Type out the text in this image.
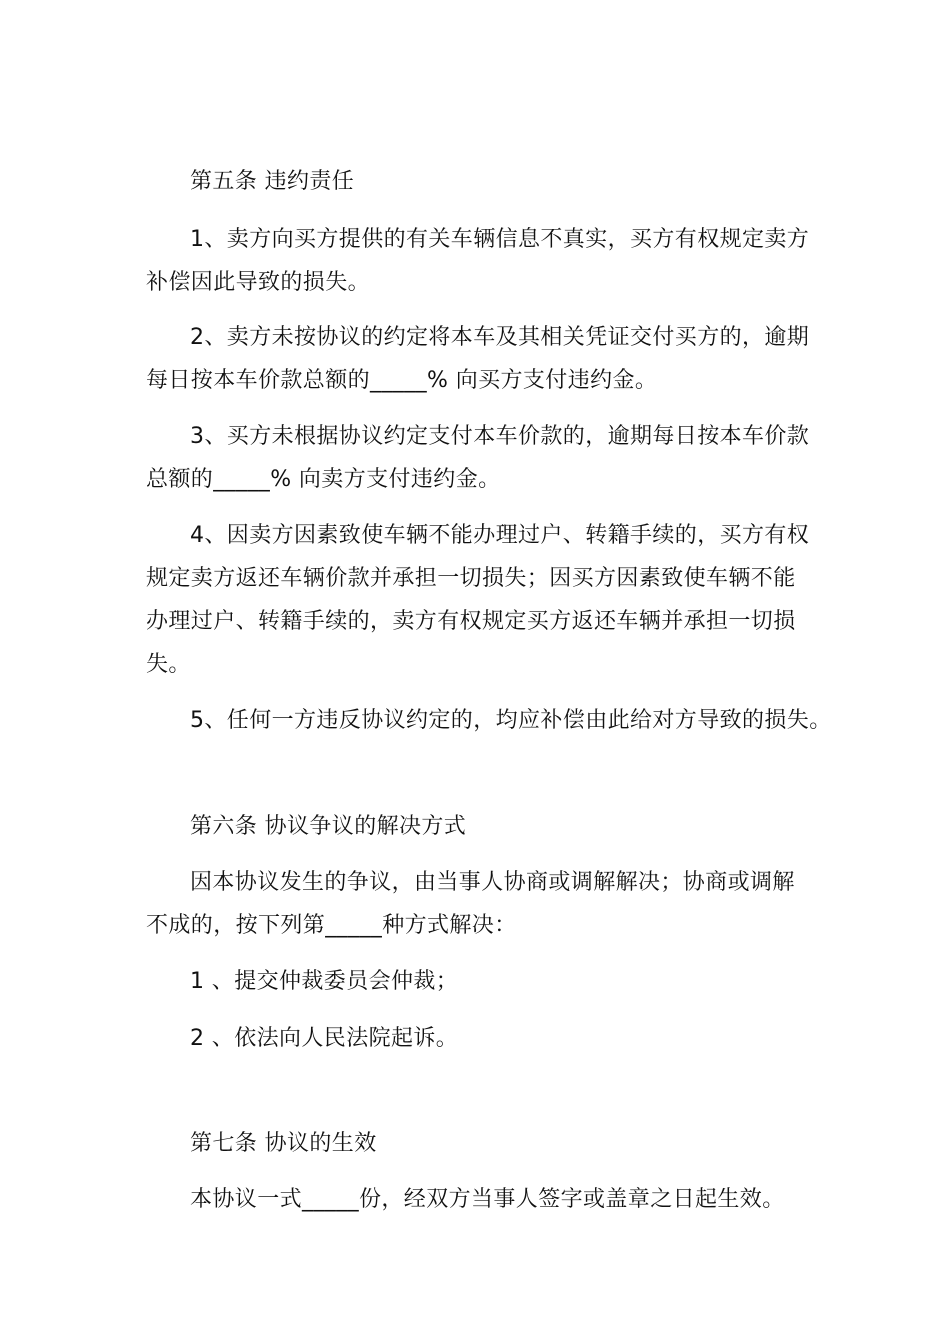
第五条 违约责任
1、卖方向买方提供的有关车辆信息不真实，买方有权规定卖方
补偿因此导致的损失。
2、卖方未按协议的约定将本车及其相关凭证交付买方的，逾期
每日按本车价款总额的_____% 向买方支付违约金。
3、买方未根据协议约定支付本车价款的，逾期每日按本车价款
总额的_____% 向卖方支付违约金。
4、因卖方因素致使车辆不能办理过户、转籍手续的，买方有权
规定卖方返还车辆价款并承担一切损失；因买方因素致使车辆不能
办理过户、转籍手续的，卖方有权规定买方返还车辆并承担一切损
失。
5、任何一方违反协议约定的，均应补偿由此给对方导致的损失。
第六条 协议争议的解决方式
因本协议发生的争议，由当事人协商或调解解决；协商或调解
不成的，按下列第_____种方式解决：
1 、提交仲裁委员会仲裁；
2 、依法向人民法院起诉。
第七条 协议的生效
本协议一式_____份，经双方当事人签字或盖章之日起生效。
